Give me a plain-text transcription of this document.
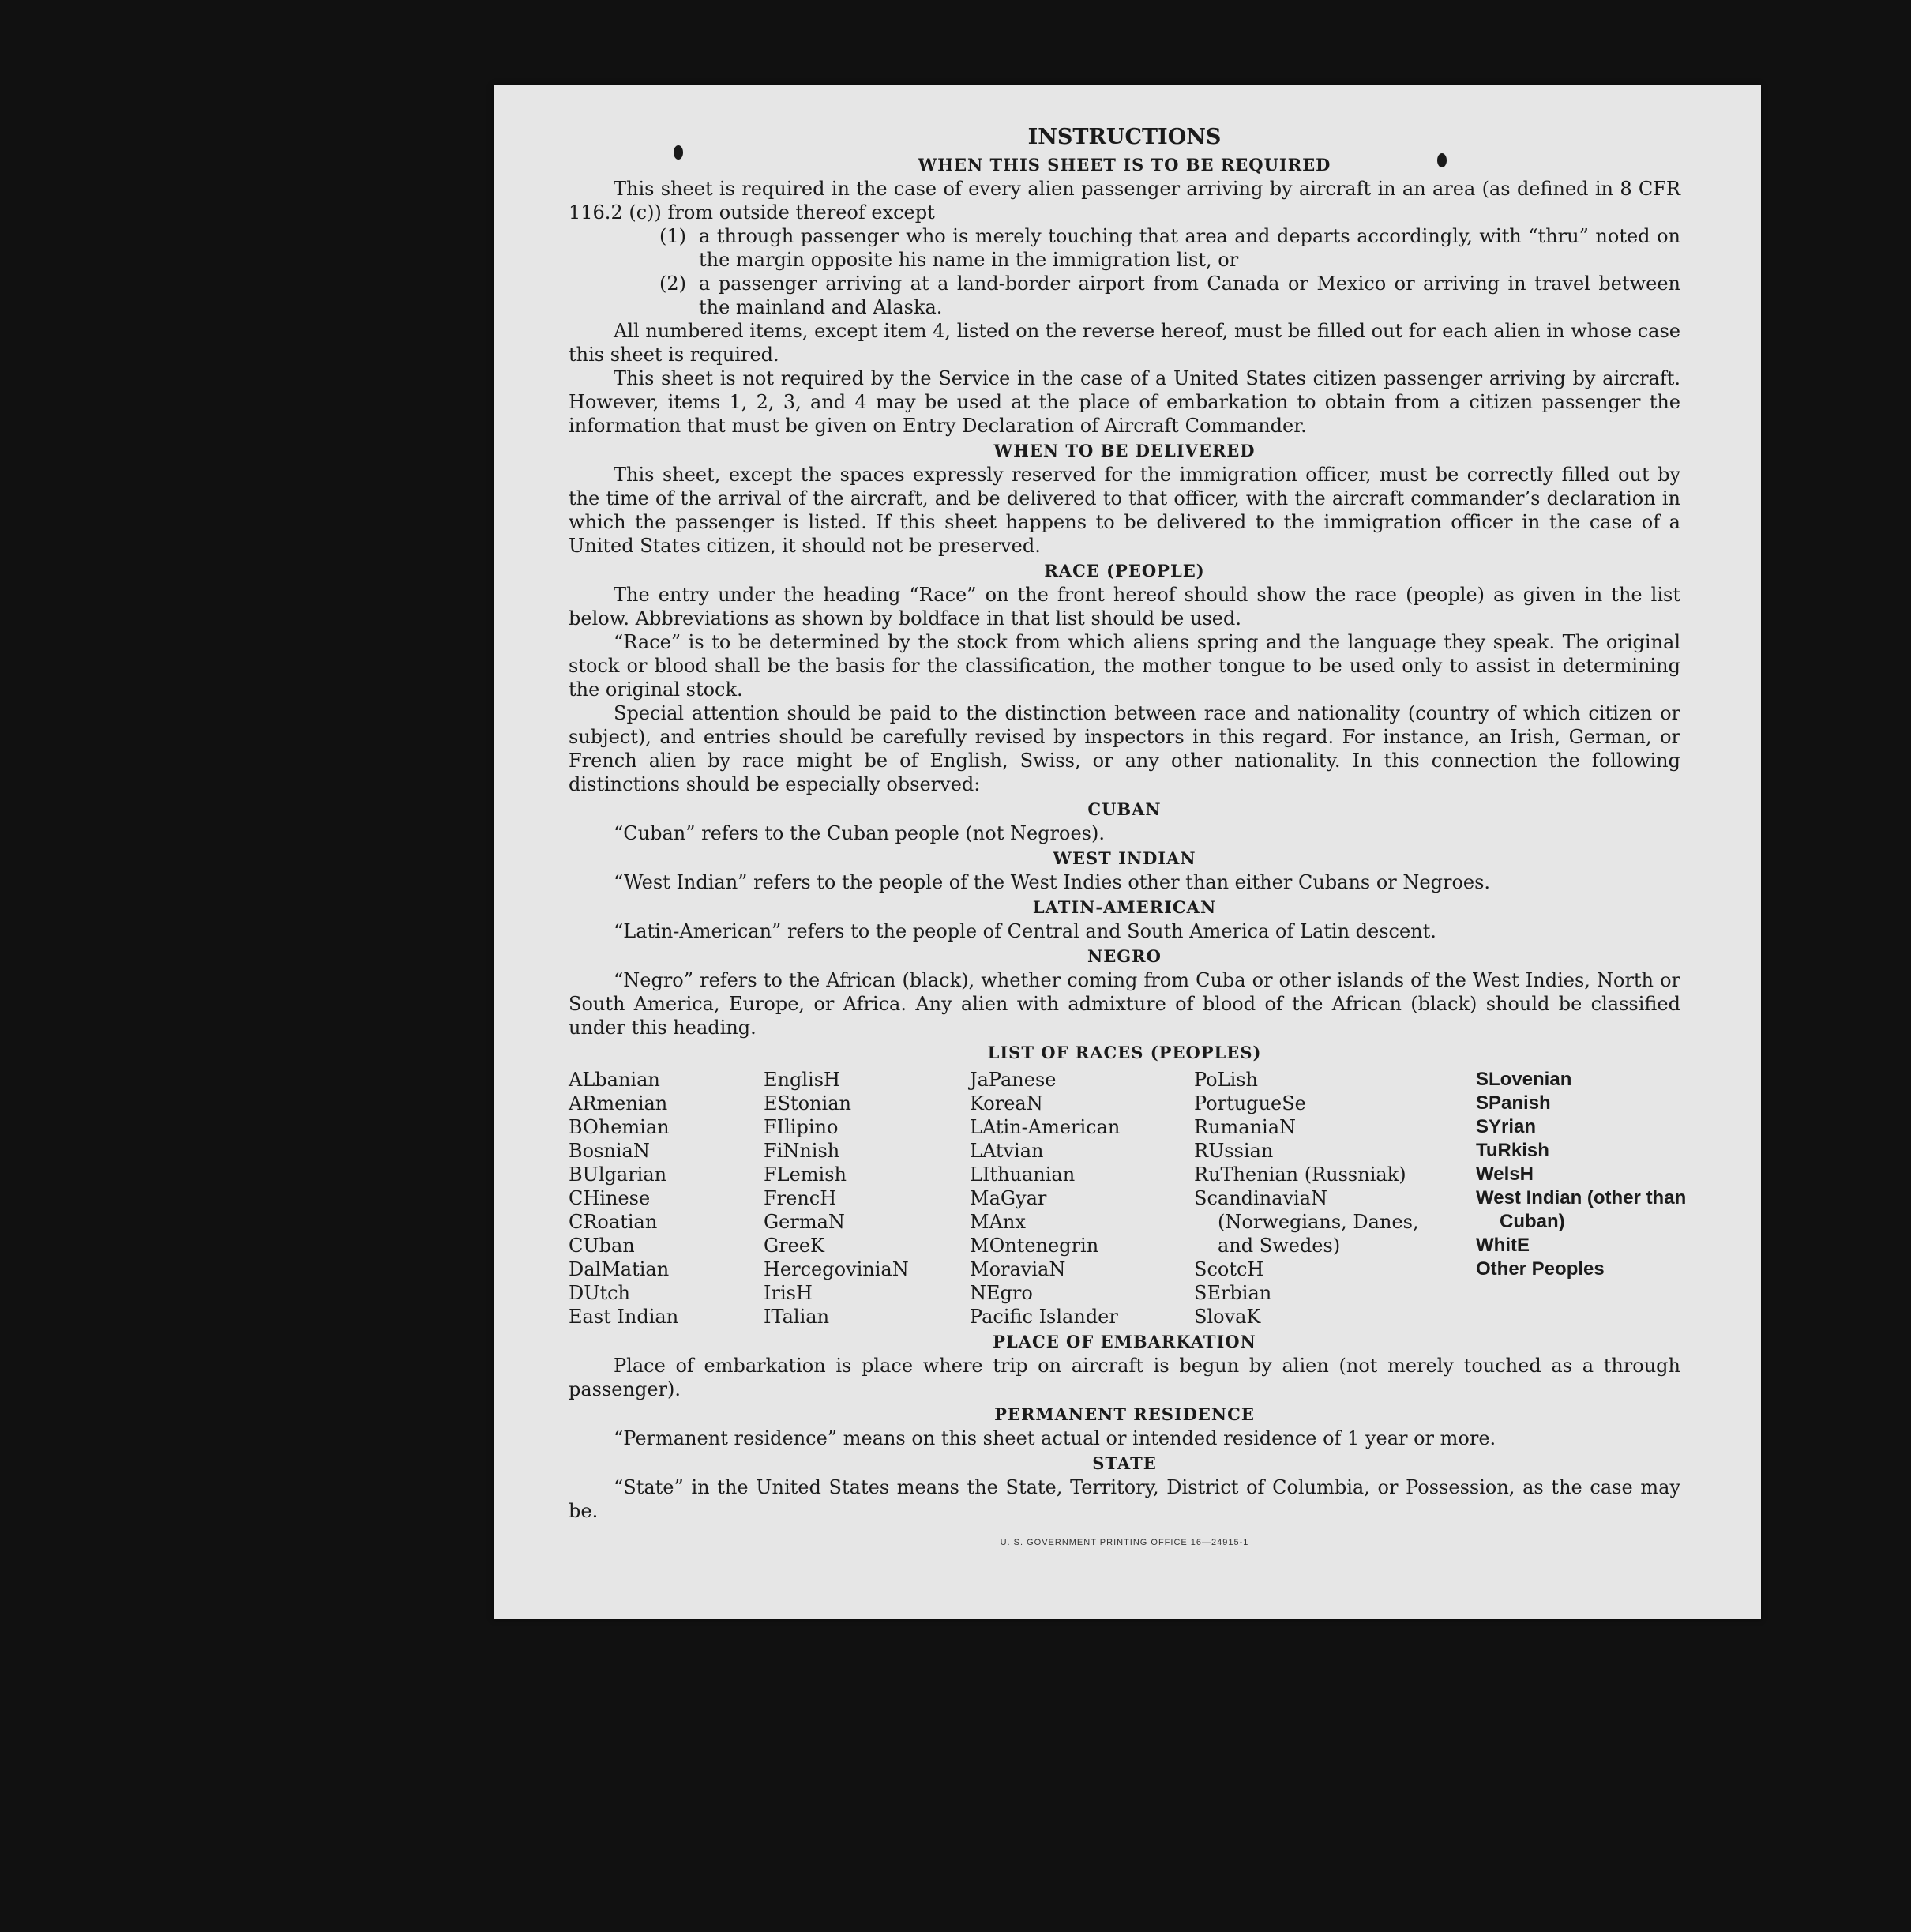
INSTRUCTIONS
WHEN THIS SHEET IS TO BE REQUIRED

This sheet is required in the case of every alien passenger arriving by aircraft in an area (as defined in 8 CFR 116.2 (c)) from outside thereof except

(1) a through passenger who is merely touching that area and departs accordingly, with “thru” noted on the margin opposite his name in the immigration list, or
(2) a passenger arriving at a land-border airport from Canada or Mexico or arriving in travel between the mainland and Alaska.

All numbered items, except item 4, listed on the reverse hereof, must be filled out for each alien in whose case this sheet is required.

This sheet is not required by the Service in the case of a United States citizen passenger arriving by aircraft. However, items 1, 2, 3, and 4 may be used at the place of embarkation to obtain from a citizen passenger the information that must be given on Entry Declaration of Aircraft Commander.

WHEN TO BE DELIVERED

This sheet, except the spaces expressly reserved for the immigration officer, must be correctly filled out by the time of the arrival of the aircraft, and be delivered to that officer, with the aircraft commander’s declaration in which the passenger is listed. If this sheet happens to be delivered to the immigration officer in the case of a United States citizen, it should not be preserved.

RACE (PEOPLE)

The entry under the heading “Race” on the front hereof should show the race (people) as given in the list below. Abbreviations as shown by boldface in that list should be used.

“Race” is to be determined by the stock from which aliens spring and the language they speak. The original stock or blood shall be the basis for the classification, the mother tongue to be used only to assist in determining the original stock.

Special attention should be paid to the distinction between race and nationality (country of which citizen or subject), and entries should be carefully revised by inspectors in this regard. For instance, an Irish, German, or French alien by race might be of English, Swiss, or any other nationality. In this connection the following distinctions should be especially observed:

CUBAN

“Cuban” refers to the Cuban people (not Negroes).

WEST INDIAN

“West Indian” refers to the people of the West Indies other than either Cubans or Negroes.

LATIN-AMERICAN

“Latin-American” refers to the people of Central and South America of Latin descent.

NEGRO

“Negro” refers to the African (black), whether coming from Cuba or other islands of the West Indies, North or South America, Europe, or Africa. Any alien with admixture of blood of the African (black) should be classified under this heading.

LIST OF RACES (PEOPLES)
ALbanian
ARmenian
BOhemian
BosniaN
BUlgarian
CHinese
CRoatian
CUban
DalMatian
DUtch
East Indian
EnglisH
EStonian
FIlipino
FiNnish
FLemish
FrencH
GermaN
GreeK
HercegoviniaN
IrisH
ITalian
JaPanese
KoreaN
LAtin-American
LAtvian
LIthuanian
MaGyar
MAnx
MOntenegrin
MoraviaN
NEgro
Pacific Islander
PoLish
PortugueSe
RumaniaN
RUssian
RuThenian (Russniak)
ScandinaviaN (Norwegians, Danes, and Swedes)
ScotcH
SErbian
SlovaK
SLovenian
SPanish
SYrian
TuRkish
WelsH
West Indian (other than Cuban)
WhitE
Other Peoples
PLACE OF EMBARKATION

Place of embarkation is place where trip on aircraft is begun by alien (not merely touched as a through passenger).

PERMANENT RESIDENCE

“Permanent residence” means on this sheet actual or intended residence of 1 year or more.

STATE

“State” in the United States means the State, Territory, District of Columbia, or Possession, as the case may be.

U. S. GOVERNMENT PRINTING OFFICE 16—24915-1
